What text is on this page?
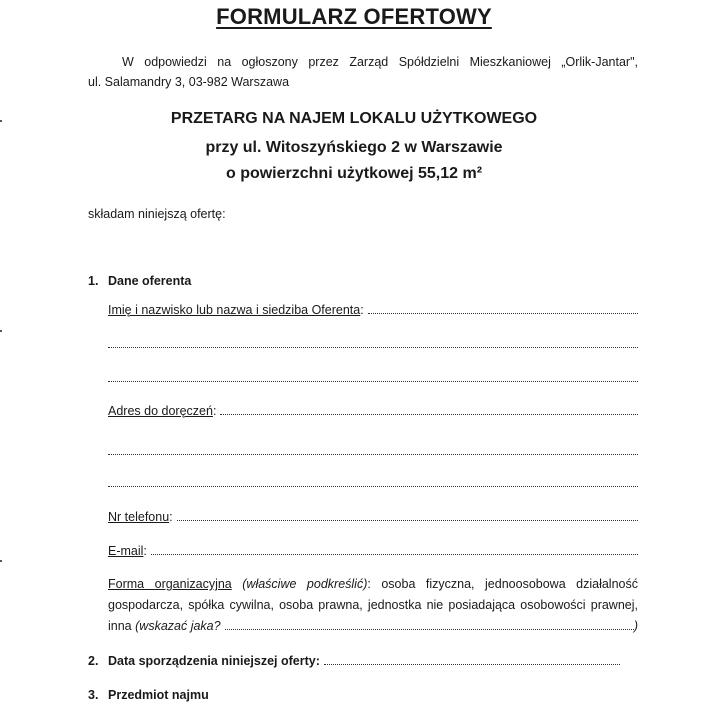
FORMULARZ OFERTOWY
W odpowiedzi na ogłoszony przez Zarząd Spółdzielni Mieszkaniowej „Orlik-Jantar",
ul. Salamandry 3, 03-982 Warszawa
PRZETARG NA NAJEM LOKALU UŻYTKOWEGO
przy ul. Witoszyńskiego 2 w Warszawie
o powierzchni użytkowej 55,12 m²
składam niniejszą ofertę:
1. Dane oferenta
Imię i nazwisko lub nazwa i siedziba Oferenta :
Adres do doręczeń :
Nr telefonu :
E-mail :
Forma organizacyjna (właściwe podkreślić): osoba fizyczna, jednoosobowa działalność
gospodarcza, spółka cywilna, osoba prawna, jednostka nie posiadająca osobowości prawnej,
inna
(wskazać jaka?	)
2. Data sporządzenia niniejszej oferty:
3. Przedmiot najmu
